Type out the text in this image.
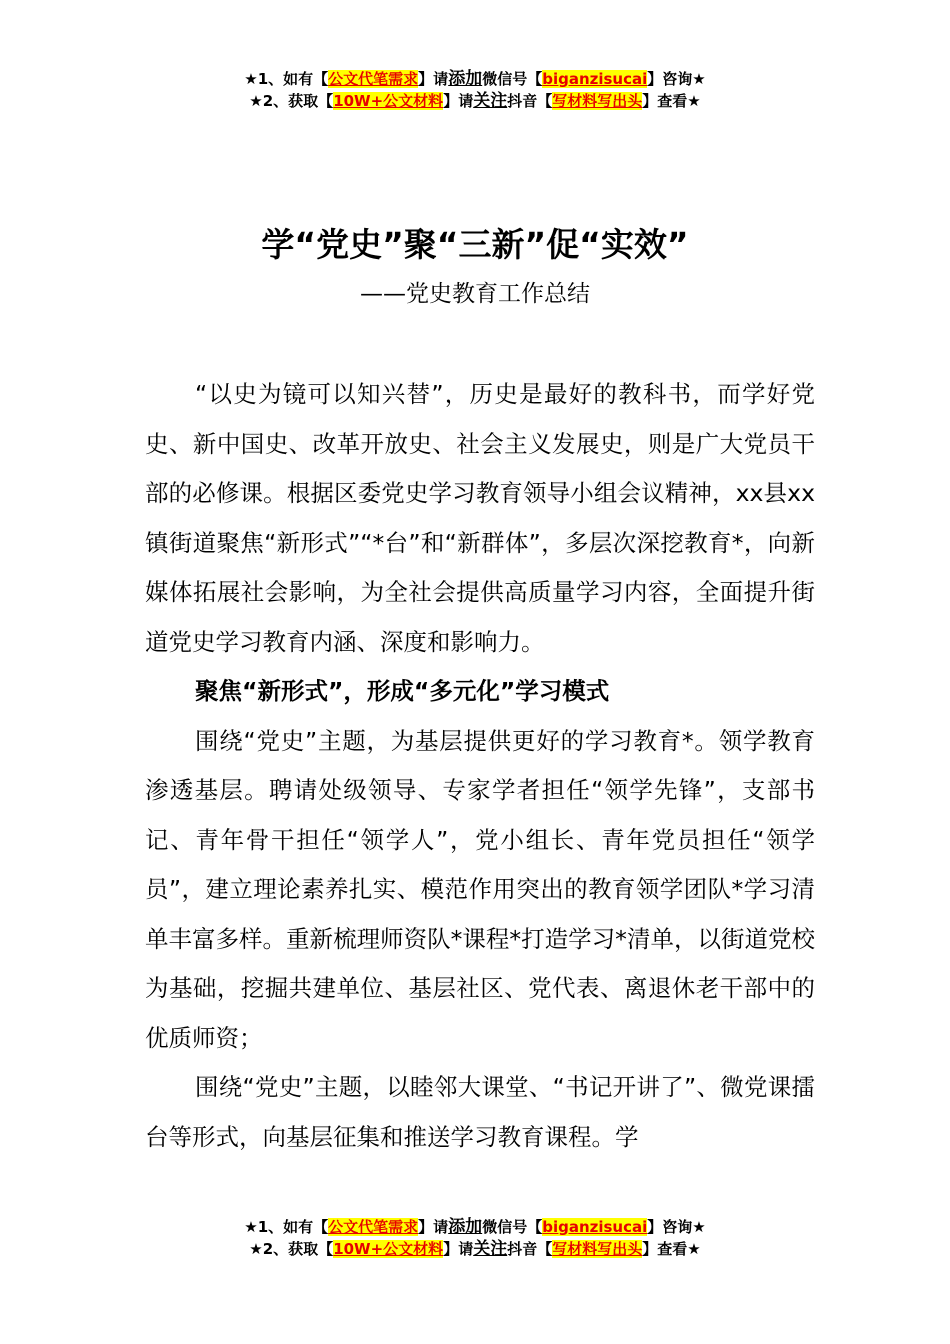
★1、如有【公文代笔需求】请添加微信号【biganzisucai】咨询★
★2、获取【10W+公文材料】请关注抖音【写材料写出头】查看★
学“党史”聚“三新”促“实效”
——党史教育工作总结

“以史为镜可以知兴替”，历史是最好的教科书，而学好党史、新中国史、改革开放史、社会主义发展史，则是广大党员干部的必修课。根据区委党史学习教育领导小组会议精神，xx县xx镇街道聚焦“新形式”“*台”和“新群体”，多层次深挖教育*，向新媒体拓展社会影响，为全社会提供高质量学习内容，全面提升街道党史学习教育内涵、深度和影响力。

聚焦“新形式”，形成“多元化”学习模式

围绕“党史”主题，为基层提供更好的学习教育*。领学教育渗透基层。聘请处级领导、专家学者担任“领学先锋”，支部书记、青年骨干担任“领学人”，党小组长、青年党员担任“领学员”，建立理论素养扎实、模范作用突出的教育领学团队*学习清单丰富多样。重新梳理师资队*课程*打造学习*清单，以街道党校为基础，挖掘共建单位、基层社区、党代表、离退休老干部中的优质师资；

围绕“党史”主题，以睦邻大课堂、“书记开讲了”、微党课擂台等形式，向基层征集和推送学习教育课程。学

★1、如有【公文代笔需求】请添加微信号【biganzisucai】咨询★
★2、获取【10W+公文材料】请关注抖音【写材料写出头】查看★
